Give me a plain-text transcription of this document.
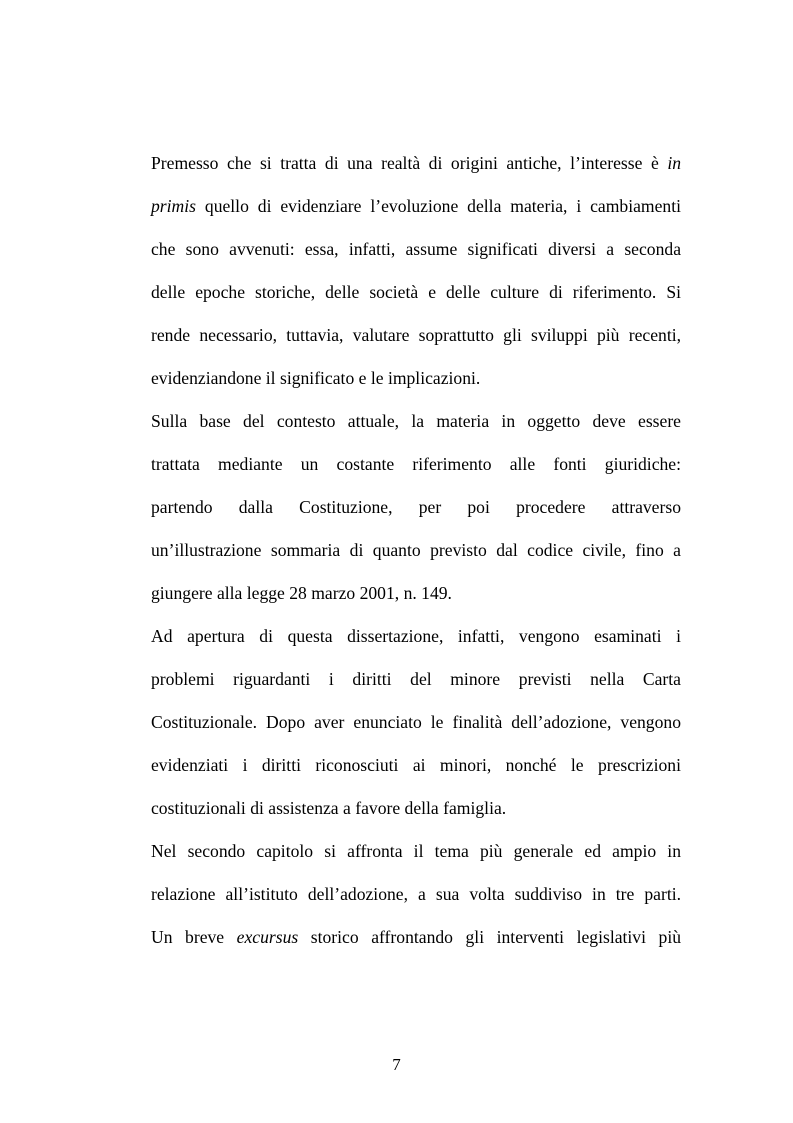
Premesso che si tratta di una realtà di origini antiche, l’interesse è in
primis quello di evidenziare l’evoluzione della materia, i cambiamenti
che sono avvenuti: essa, infatti, assume significati diversi a seconda
delle epoche storiche, delle società e delle culture di riferimento. Si
rende necessario, tuttavia, valutare soprattutto gli sviluppi più recenti,
evidenziandone il significato e le implicazioni.
Sulla base del contesto attuale, la materia in oggetto deve essere
trattata mediante un costante riferimento alle fonti giuridiche:
partendo dalla Costituzione, per poi procedere attraverso
un’illustrazione sommaria di quanto previsto dal codice civile, fino a
giungere alla legge 28 marzo 2001, n. 149.
Ad apertura di questa dissertazione, infatti, vengono esaminati i
problemi riguardanti i diritti del minore previsti nella Carta
Costituzionale. Dopo aver enunciato le finalità dell’adozione, vengono
evidenziati i diritti riconosciuti ai minori, nonché le prescrizioni
costituzionali di assistenza a favore della famiglia.
Nel secondo capitolo si affronta il tema più generale ed ampio in
relazione all’istituto dell’adozione, a sua volta suddiviso in tre parti.
Un breve excursus storico affrontando gli interventi legislativi più
7
